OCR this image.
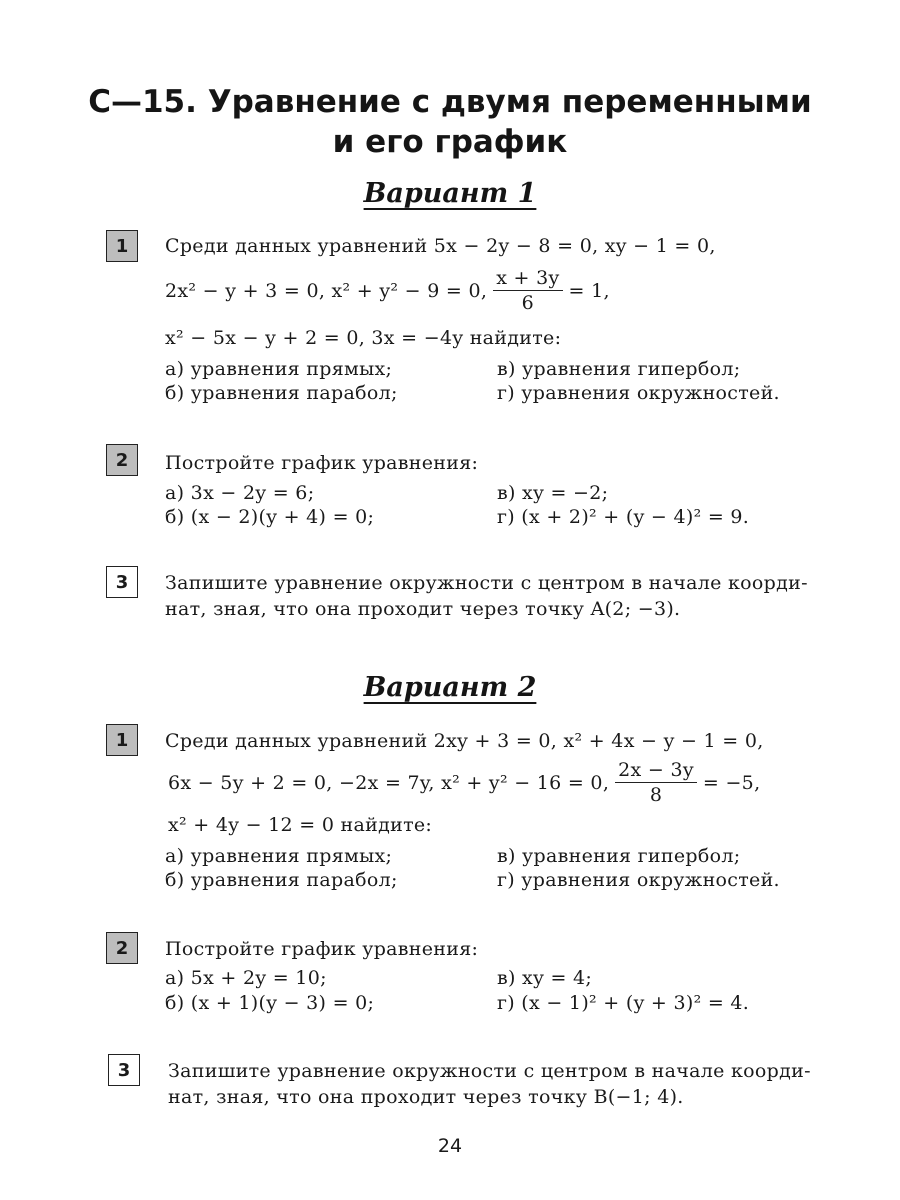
С—15. Уравнение с двумя переменными
и его график
Вариант 1
1	Среди данных уравнений 5x − 2y − 8 = 0, xy − 1 = 0,
2x² − y + 3 = 0, x² + y² − 9 = 0, $\frac{x + 3y}{6} = 1$,
x² − 5x − y + 2 = 0, 3x = −4y найдите:
а) уравнения прямых;
б) уравнения парабол;
в) уравнения гипербол;
г) уравнения окружностей.
2	Постройте график уравнения:
а) 3x − 2y = 6;
б) (x − 2)(y + 4) = 0;
в) xy = −2;
г) (x + 2)² + (y − 4)² = 9.
3	Запишите уравнение окружности с центром в начале коорди-
нат, зная, что она проходит через точку A(2; −3).
Вариант 2
1	Среди данных уравнений 2xy + 3 = 0, x² + 4x − y − 1 = 0,
6x − 5y + 2 = 0, −2x = 7y, x² + y² − 16 = 0, $\frac{2x - 3y}{8} = -5$,
x² + 4y − 12 = 0 найдите:
а) уравнения прямых;
б) уравнения парабол;
в) уравнения гипербол;
г) уравнения окружностей.
2	Постройте график уравнения:
а) 5x + 2y = 10;
б) (x + 1)(y − 3) = 0;
в) xy = 4;
г) (x − 1)² + (y + 3)² = 4.
3	Запишите уравнение окружности с центром в начале коорди-
нат, зная, что она проходит через точку B(−1; 4).
24
